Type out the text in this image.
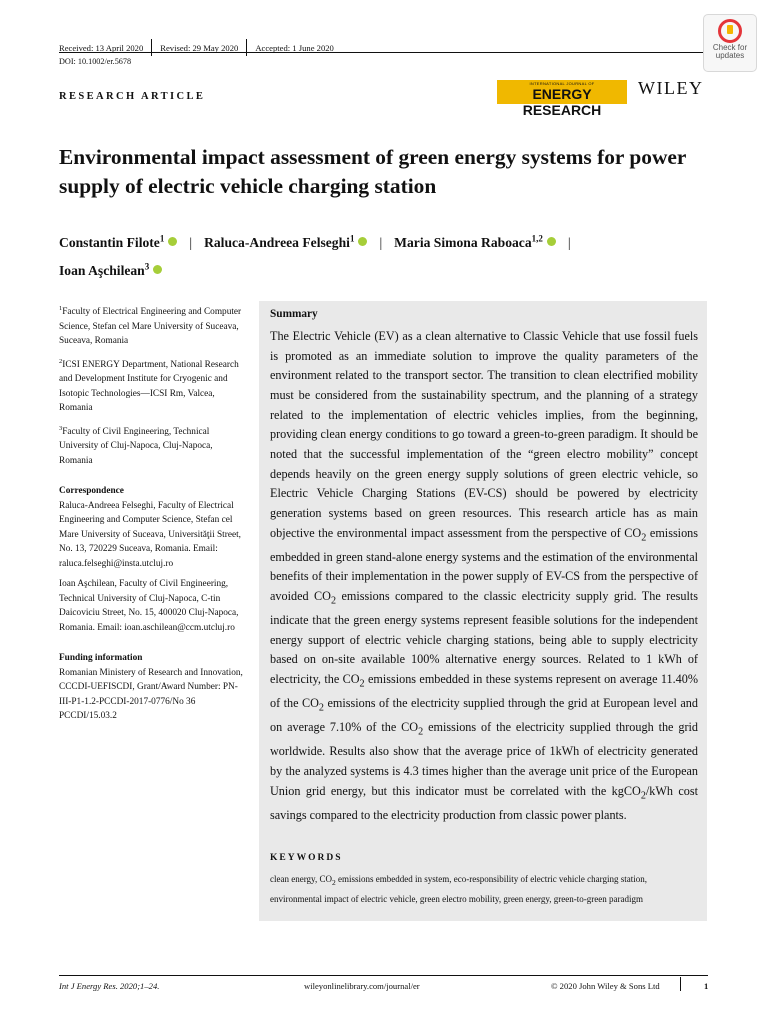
Received: 13 April 2020 Revised: 29 May 2020 Accepted: 1 June 2020
DOI: 10.1002/er.5678
Check for
updates
RESEARCH ARTICLE
INTERNATIONAL JOURNAL OF
ENERGY RESEARCH
WILEY
Environmental impact assessment of green energy systems for power supply of electric vehicle charging station
Constantin Filote$^1$ | Raluca-Andreea Felseghi$^1$ | Maria Simona Raboaca$^{1,2}$ |
Ioan Aşchilean$^3$

$^1$Faculty of Electrical Engineering and Computer Science, Stefan cel Mare University of Suceava, Suceava, Romania

$^2$ICSI ENERGY Department, National Research and Development Institute for Cryogenic and Isotopic Technologies—ICSI Rm, Valcea, Romania

$^3$Faculty of Civil Engineering, Technical University of Cluj-Napoca, Cluj-Napoca, Romania

Correspondence

Raluca-Andreea Felseghi, Faculty of Electrical Engineering and Computer Science, Stefan cel Mare University of Suceava, Universităţii Street, No. 13, 720229 Suceava, Romania. Email: raluca.felseghi@insta.utcluj.ro

Ioan Aşchilean, Faculty of Civil Engineering, Technical University of Cluj-Napoca, C-tin Daicoviciu Street, No. 15, 400020 Cluj-Napoca, Romania. Email: ioan.aschilean@ccm.utcluj.ro

Funding information

Romanian Ministery of Research and Innovation, CCCDI-UEFISCDI, Grant/Award Number: PN-III-P1-1.2-PCCDI-2017-0776/No 36 PCCDI/15.03.2

Summary
The Electric Vehicle (EV) as a clean alternative to Classic Vehicle that use fossil fuels is promoted as an immediate solution to improve the quality parameters of the environment related to the transport sector. The transition to clean electrified mobility must be considered from the sustainability spectrum, and the planning of a strategy related to the implementation of electric vehicles implies, from the beginning, providing clean energy conditions to go toward a green-to-green paradigm. It should be noted that the successful implementation of the “green electro mobility” concept depends heavily on the green energy supply solutions of green electric vehicle, so Electric Vehicle Charging Stations (EV-CS) should be powered by electricity generation systems based on green resources. This research article has as main objective the environmental impact assessment from the perspective of $CO_2$ emissions embedded in green stand-alone energy systems and the estimation of the environmental benefits of their implementation in the power supply of EV-CS from the perspective of avoided $CO_2$ emissions compared to the classic electricity supply grid. The results indicate that the green energy systems represent feasible solutions for the independent energy support of electric vehicle charging stations, being able to supply electricity based on on-site available 100% alternative energy sources. Related to 1 kWh of electricity, the $CO_2$ emissions embedded in these systems represent on average 11.40% of the $CO_2$ emissions of the electricity supplied through the grid at European level and on average 7.10% of the $CO_2$ emissions of the electricity supplied through the grid worldwide. Results also show that the average price of 1kWh of electricity generated by the analyzed systems is 4.3 times higher than the average unit price of the European Union grid energy, but this indicator must be correlated with the kgCO$_2$/kWh cost savings compared to the electricity production from classic power plants.
KEYWORDS
clean energy, $CO_2$ emissions embedded in system, eco-responsibility of electric vehicle charging station, environmental impact of electric vehicle, green electro mobility, green energy, green-to-green paradigm
Int J Energy Res. 2020;1–24.	wileyonlinelibrary.com/journal/er	© 2020 John Wiley & Sons Ltd	1
